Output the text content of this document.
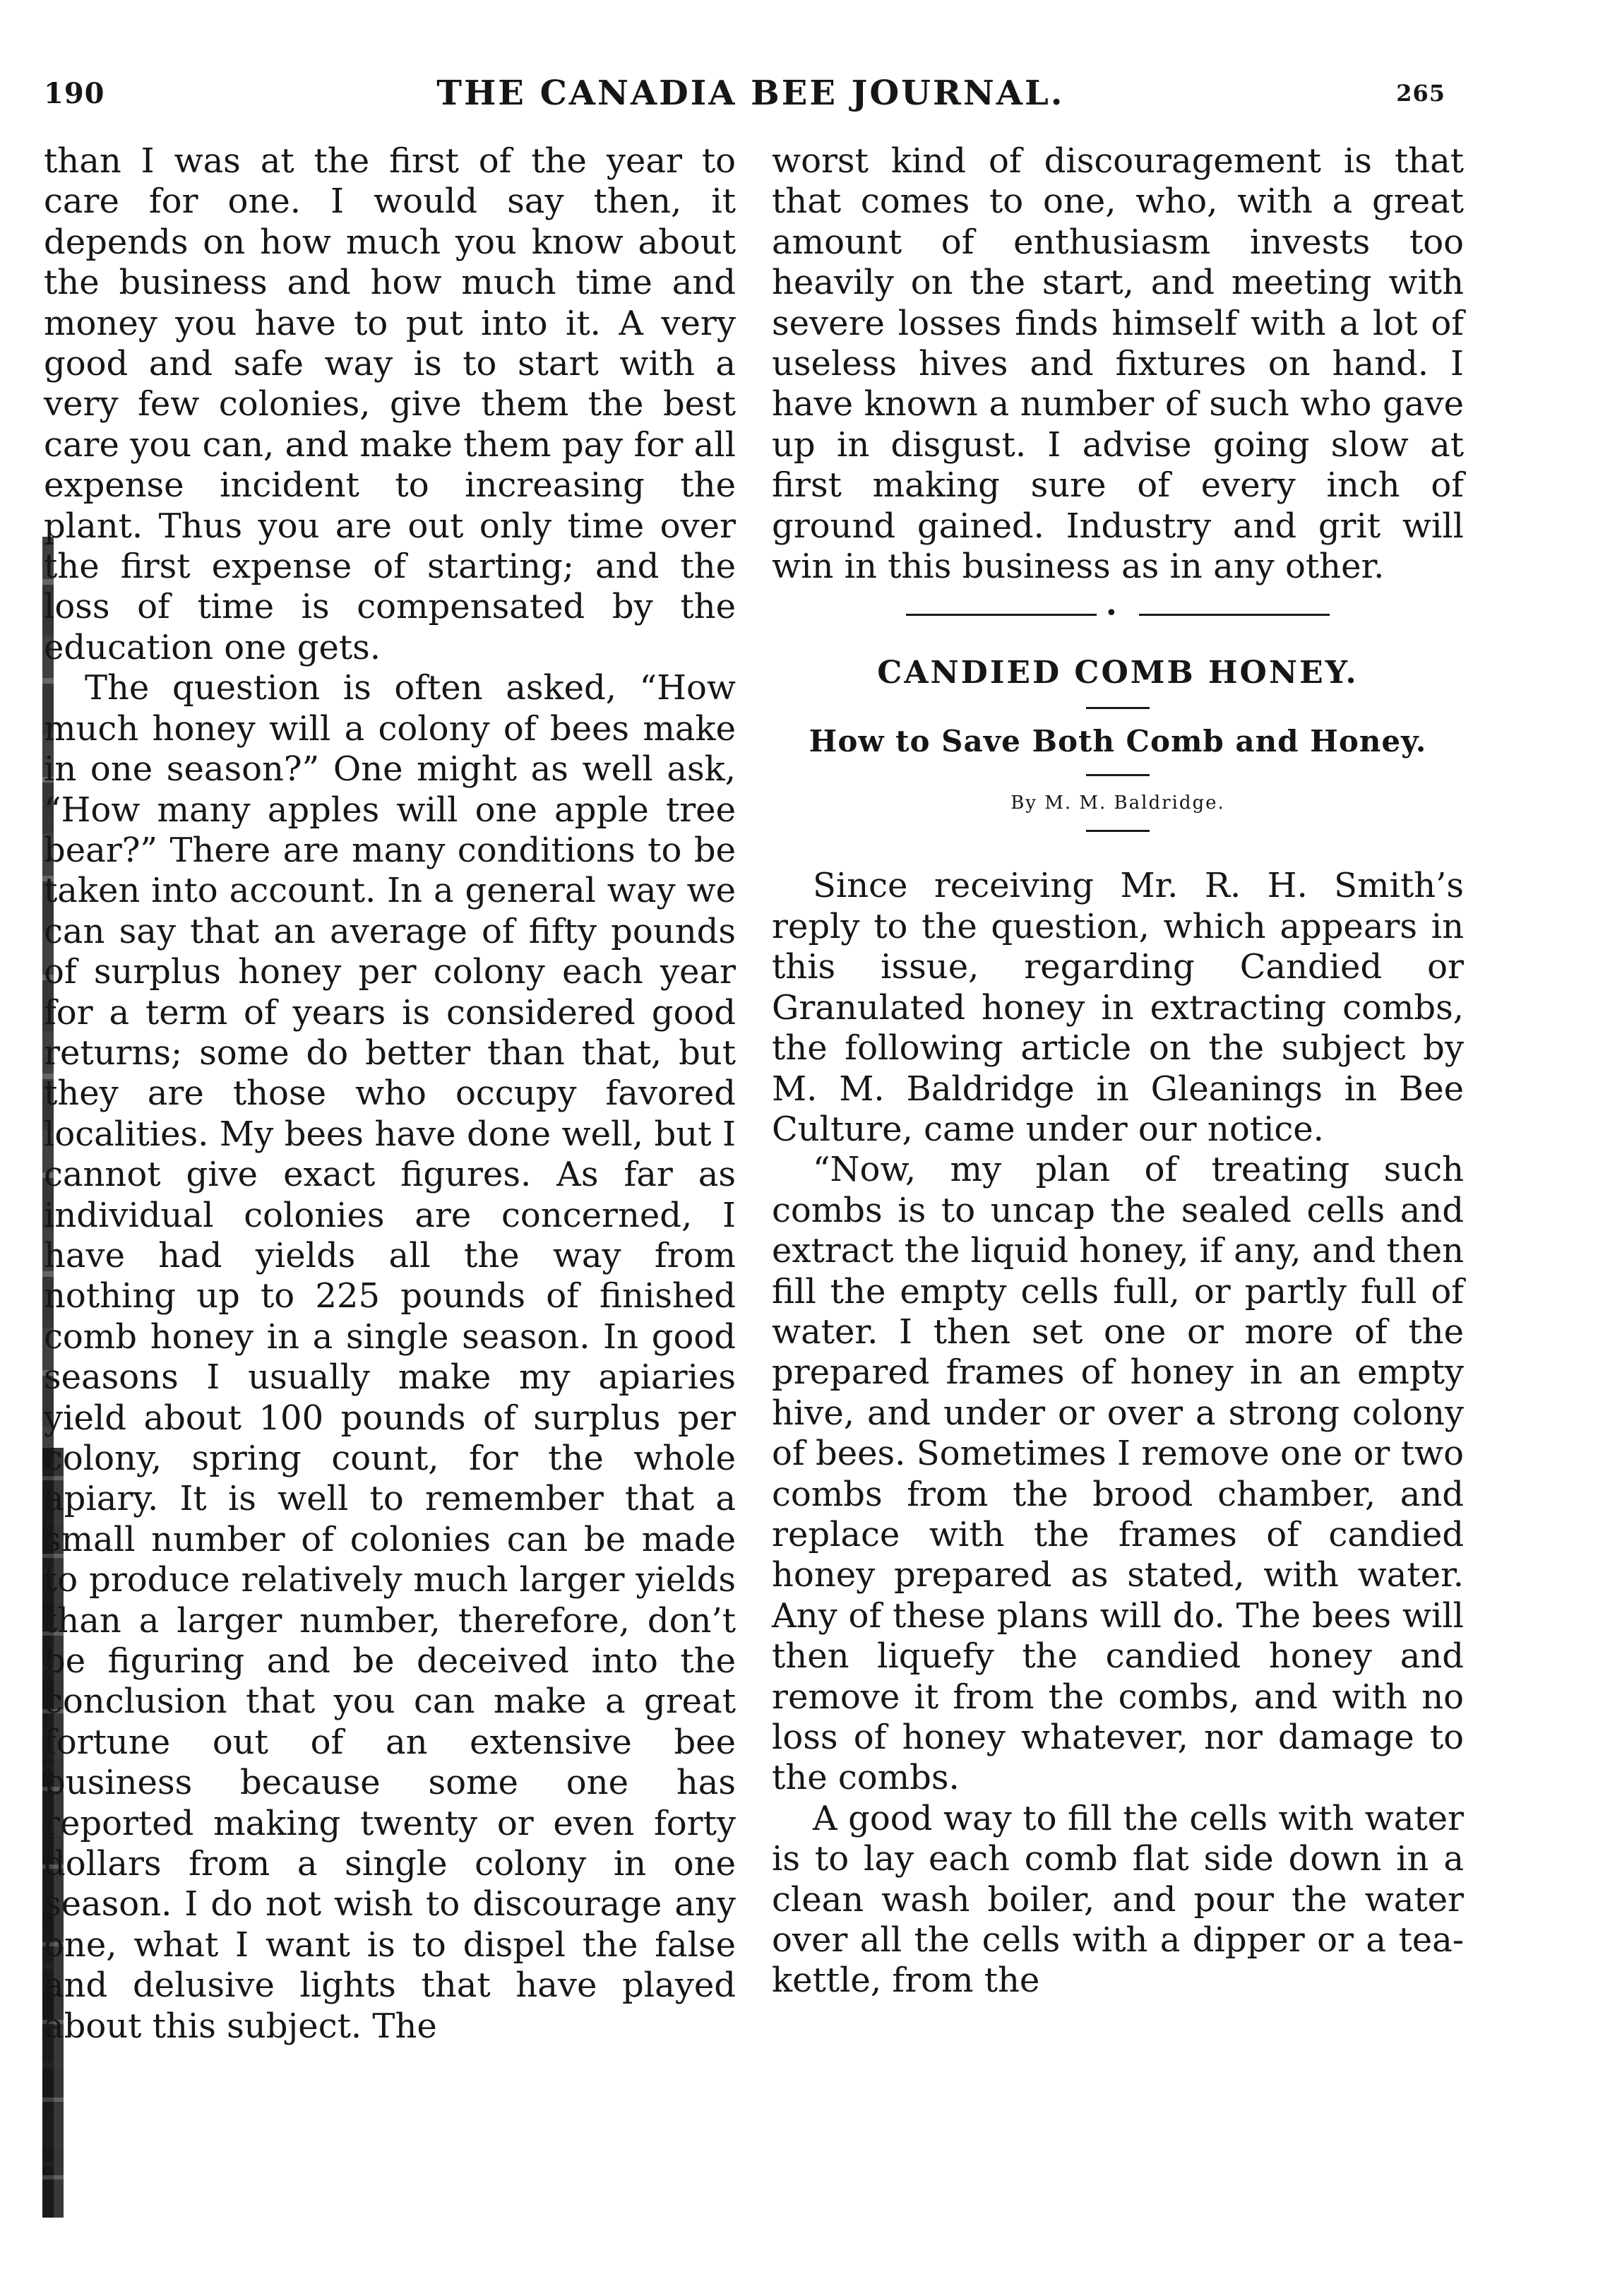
190	THE CANADIA BEE JOURNAL.	265

than I was at the first of the year to care for one. I would say then, it depends on how much you know about the business and how much time and money you have to put into it. A very good and safe way is to start with a very few colonies, give them the best care you can, and make them pay for all expense incident to increasing the plant. Thus you are out only time over the first expense of starting; and the loss of time is compensated by the education one gets.

The question is often asked, “How much honey will a colony of bees make in one season?” One might as well ask, “How many apples will one apple tree bear?” There are many conditions to be taken into account. In a general way we can say that an average of fifty pounds of surplus honey per colony each year for a term of years is considered good returns; some do better than that, but they are those who occupy favored localities. My bees have done well, but I cannot give exact figures. As far as individual colonies are concerned, I have had yields all the way from nothing up to 225 pounds of finished comb honey in a single season. In good seasons I usually make my apiaries yield about 100 pounds of surplus per colony, spring count, for the whole apiary. It is well to remember that a small number of colonies can be made to produce relatively much larger yields than a larger number, therefore, don’t be figuring and be deceived into the conclusion that you can make a great fortune out of an extensive bee business because some one has reported making twenty or even forty dollars from a single colony in one season. I do not wish to discourage any one, what I want is to dispel the false and delusive lights that have played about this subject. The

worst kind of discouragement is that that comes to one, who, with a great amount of enthusiasm invests too heavily on the start, and meeting with severe losses finds himself with a lot of useless hives and fixtures on hand. I have known a number of such who gave up in disgust. I advise going slow at first making sure of every inch of ground gained. Industry and grit will win in this business as in any other.

•
CANDIED COMB HONEY.
How to Save Both Comb and Honey.
By M. M. Baldridge.

Since receiving Mr. R. H. Smith’s reply to the question, which appears in this issue, regarding Candied or Granulated honey in extracting combs, the following article on the subject by M. M. Baldridge in Gleanings in Bee Culture, came under our notice.

“Now, my plan of treating such combs is to uncap the sealed cells and extract the liquid honey, if any, and then fill the empty cells full, or partly full of water. I then set one or more of the prepared frames of honey in an empty hive, and under or over a strong colony of bees. Sometimes I remove one or two combs from the brood chamber, and replace with the frames of candied honey prepared as stated, with water. Any of these plans will do. The bees will then liquefy the candied honey and remove it from the combs, and with no loss of honey whatever, nor damage to the combs.

A good way to fill the cells with water is to lay each comb flat side down in a clean wash boiler, and pour the water over all the cells with a dipper or a tea-kettle, from the
